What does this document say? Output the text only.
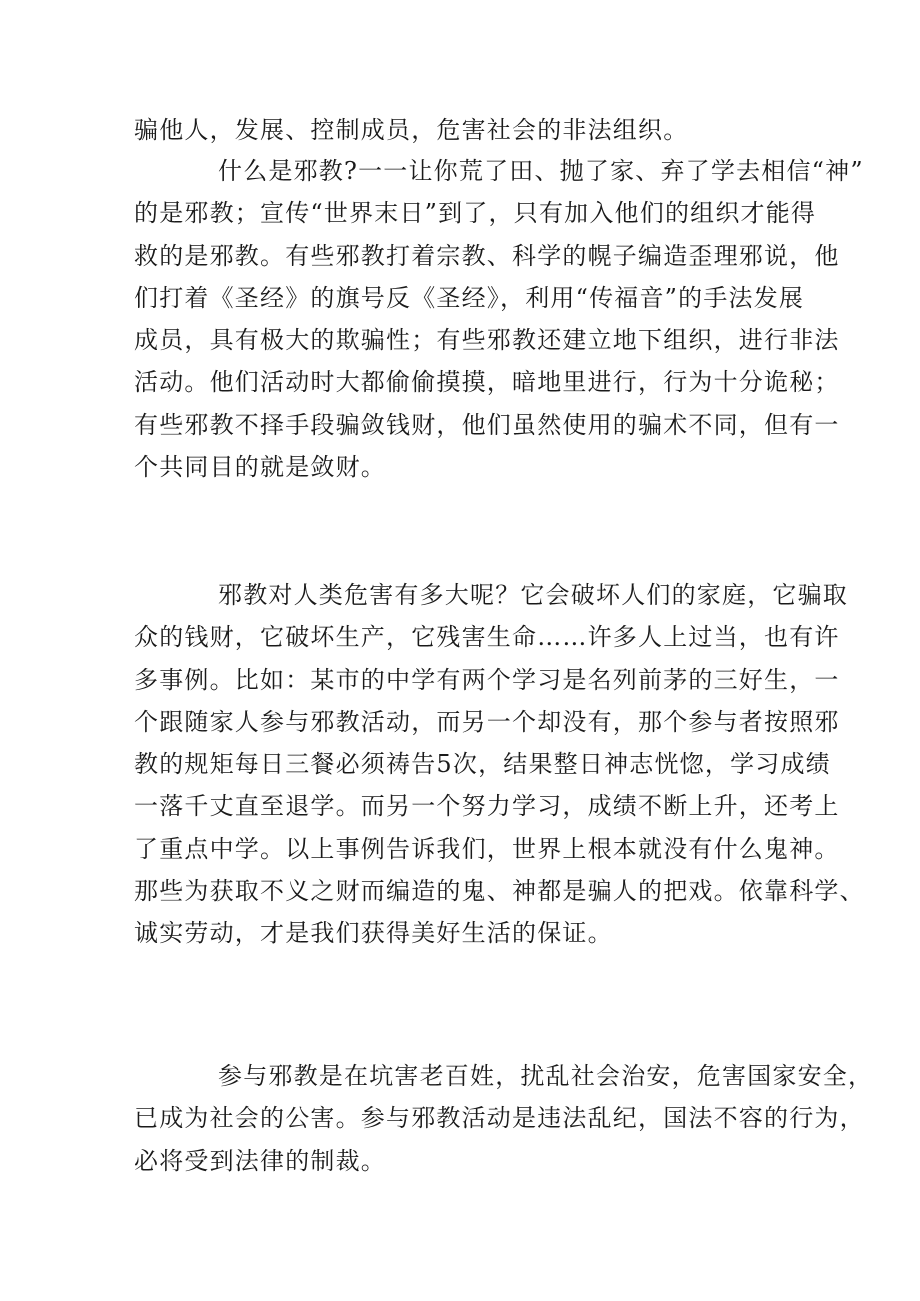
骗他人，发展、控制成员，危害社会的非法组织。
什么是邪教?一一让你荒了田、抛了家、弃了学去相信“神”
的是邪教；宣传“世界末日”到了，只有加入他们的组织才能得
救的是邪教。有些邪教打着宗教、科学的幌子编造歪理邪说，他
们打着《圣经》的旗号反《圣经》，利用“传福音”的手法发展
成员，具有极大的欺骗性；有些邪教还建立地下组织，进行非法
活动。他们活动时大都偷偷摸摸，暗地里进行，行为十分诡秘；
有些邪教不择手段骗敛钱财，他们虽然使用的骗术不同，但有一
个共同目的就是敛财。
邪教对人类危害有多大呢？它会破坏人们的家庭，它骗取
众的钱财，它破坏生产，它残害生命……许多人上过当，也有许
多事例。比如：某市的中学有两个学习是名列前茅的三好生，一
个跟随家人参与邪教活动，而另一个却没有，那个参与者按照邪
教的规矩每日三餐必须祷告5次，结果整日神志恍惚，学习成绩
一落千丈直至退学。而另一个努力学习，成绩不断上升，还考上
了重点中学。以上事例告诉我们，世界上根本就没有什么鬼神。
那些为获取不义之财而编造的鬼、神都是骗人的把戏。依靠科学、
诚实劳动，才是我们获得美好生活的保证。
参与邪教是在坑害老百姓，扰乱社会治安，危害国家安全，
已成为社会的公害。参与邪教活动是违法乱纪，国法不容的行为，
必将受到法律的制裁。
